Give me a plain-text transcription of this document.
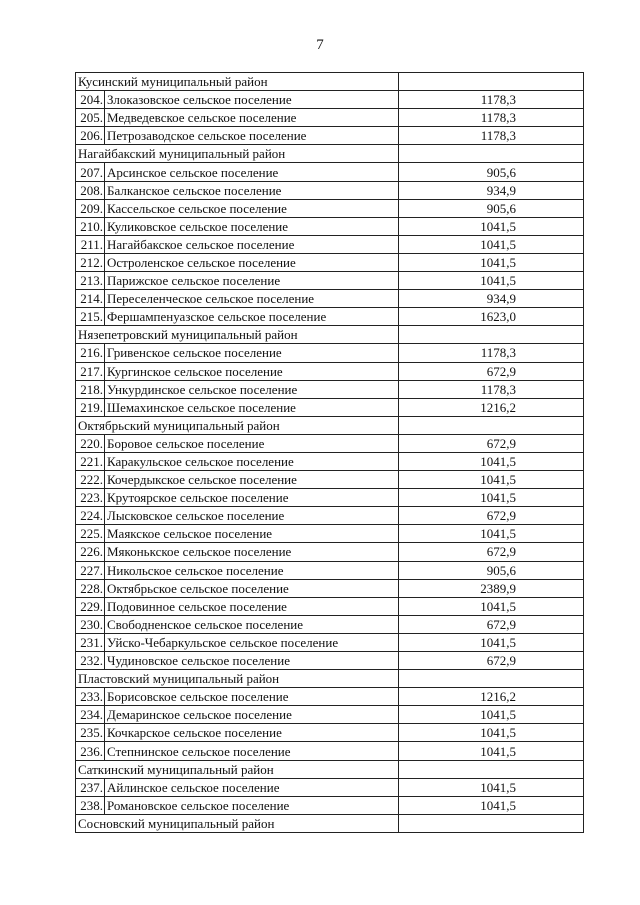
7
Кусинский муниципальный район		
204.	Злоказовское сельское поселение	1178,3
205.	Медведевское сельское поселение	1178,3
206.	Петрозаводское сельское поселение	1178,3
Нагайбакский муниципальный район		
207.	Арсинское сельское поселение	905,6
208.	Балканское сельское поселение	934,9
209.	Кассельское сельское поселение	905,6
210.	Куликовское сельское поселение	1041,5
211.	Нагайбакское сельское поселение	1041,5
212.	Остроленское сельское поселение	1041,5
213.	Парижское сельское поселение	1041,5
214.	Переселенческое сельское поселение	934,9
215.	Фершампенуазское сельское поселение	1623,0
Нязепетровский муниципальный район		
216.	Гривенское сельское поселение	1178,3
217.	Кургинское сельское поселение	672,9
218.	Ункурдинское сельское поселение	1178,3
219.	Шемахинское сельское поселение	1216,2
Октябрьский муниципальный район		
220.	Боровое сельское поселение	672,9
221.	Каракульское сельское поселение	1041,5
222.	Кочердыкское сельское поселение	1041,5
223.	Крутоярское сельское поселение	1041,5
224.	Лысковское сельское поселение	672,9
225.	Маякское сельское поселение	1041,5
226.	Мяконькское сельское поселение	672,9
227.	Никольское сельское поселение	905,6
228.	Октябрьское сельское поселение	2389,9
229.	Подовинное сельское поселение	1041,5
230.	Свободненское сельское поселение	672,9
231.	Уйско-Чебаркульское сельское поселение	1041,5
232.	Чудиновское сельское поселение	672,9
Пластовский муниципальный район		
233.	Борисовское сельское поселение	1216,2
234.	Демаринское сельское поселение	1041,5
235.	Кочкарское сельское поселение	1041,5
236.	Степнинское сельское поселение	1041,5
Саткинский муниципальный район		
237.	Айлинское сельское поселение	1041,5
238.	Романовское сельское поселение	1041,5
Сосновский муниципальный район		
